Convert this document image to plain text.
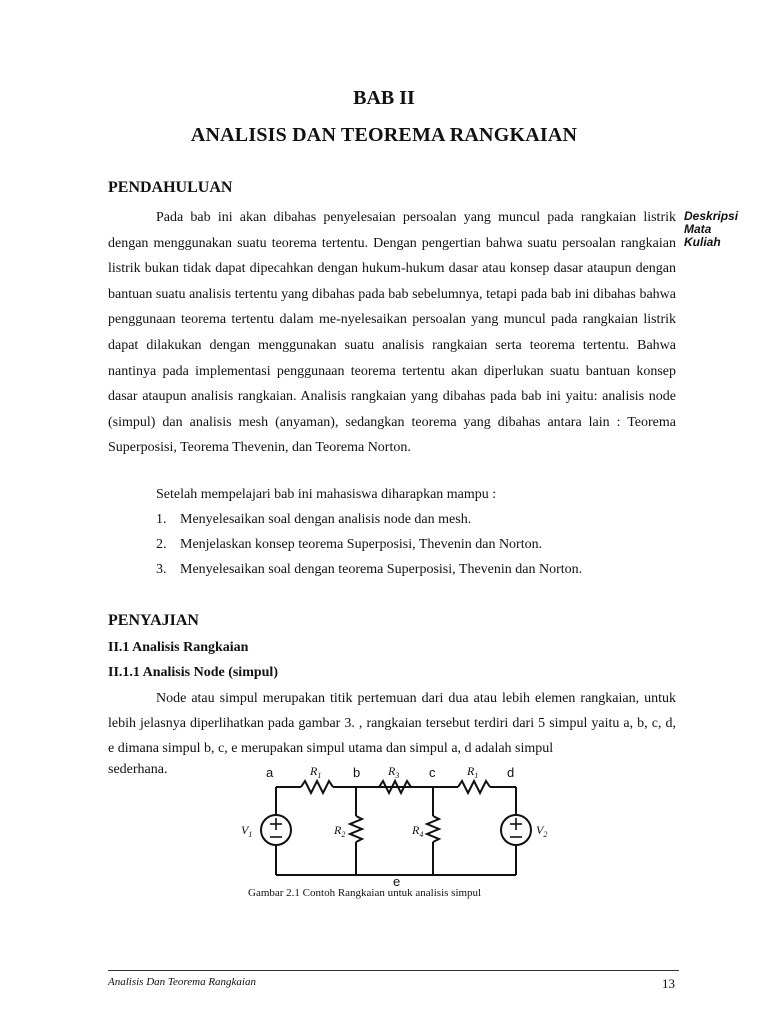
BAB II
ANALISIS DAN TEOREMA RANGKAIAN
PENDAHULUAN
Deskripsi
Mata
Kuliah

Pada bab ini akan dibahas penyelesaian persoalan yang muncul pada rangkaian listrik dengan menggunakan suatu teorema tertentu. Dengan pengertian bahwa suatu persoalan rangkaian listrik bukan tidak dapat dipecahkan dengan hukum-hukum dasar atau konsep dasar ataupun dengan bantuan suatu analisis tertentu yang dibahas pada bab sebelumnya, tetapi pada bab ini dibahas bahwa penggunaan teorema tertentu dalam me-nyelesaikan persoalan yang muncul pada rangkaian listrik dapat dilakukan dengan menggunakan suatu analisis rangkaian serta teorema tertentu. Bahwa nantinya pada implementasi penggunaan teorema tertentu akan diperlukan suatu bantuan konsep dasar ataupun analisis rangkaian. Analisis rangkaian yang dibahas pada bab ini yaitu: analisis node (simpul) dan analisis mesh (anyaman), sedangkan teorema yang dibahas antara lain : Teorema Superposisi, Teorema Thevenin, dan Teorema Norton.

Setelah mempelajari bab ini mahasiswa diharapkan mampu :
1. Menyelesaikan soal dengan analisis node dan mesh.
2. Menjelaskan konsep teorema Superposisi, Thevenin dan Norton.
3. Menyelesaikan soal dengan teorema Superposisi, Thevenin dan Norton.
PENYAJIAN
II.1 Analisis Rangkaian
II.1.1 Analisis Node (simpul)

Node atau simpul merupakan titik pertemuan dari dua atau lebih elemen rangkaian, untuk lebih jelasnya diperlihatkan pada gambar 3. , rangkaian tersebut terdiri dari 5 simpul yaitu a, b, c, d, e dimana simpul b, c, e merupakan simpul utama dan simpul a, d adalah simpul

sederhana.	a	b	c	d
e
$R_1$	$R_3$	$R_1$
$R_2$	$R_4$
$V_1$	$V_2$
Gambar 2.1 Contoh Rangkaian untuk analisis simpul
Analisis Dan Teorema Rangkaian	13
